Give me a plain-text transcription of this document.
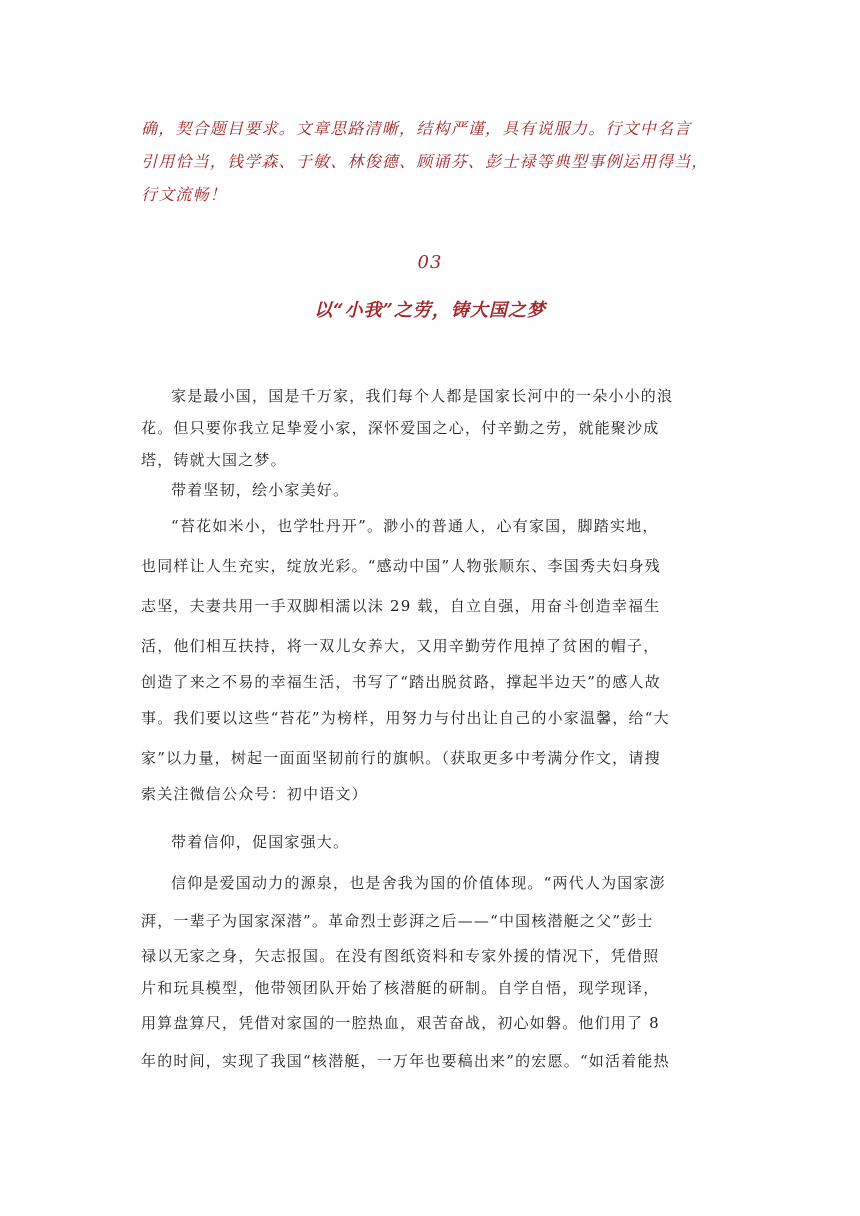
确，契合题目要求。文章思路清晰，结构严谨，具有说服力。行文中名言
引用恰当，钱学森、于敏、林俊德、顾诵芬、彭士禄等典型事例运用得当，
行文流畅！
03
以“小我”之劳，铸大国之梦
家是最小国，国是千万家，我们每个人都是国家长河中的一朵小小的浪
花。但只要你我立足挚爱小家，深怀爱国之心，付辛勤之劳，就能聚沙成
塔，铸就大国之梦。
带着坚韧，绘小家美好。
“苔花如米小，也学牡丹开”。渺小的普通人，心有家国，脚踏实地，
也同样让人生充实，绽放光彩。“感动中国”人物张顺东、李国秀夫妇身残
志坚，夫妻共用一手双脚相濡以沫 29 载，自立自强，用奋斗创造幸福生
活，他们相互扶持，将一双儿女养大，又用辛勤劳作甩掉了贫困的帽子，
创造了来之不易的幸福生活，书写了“踏出脱贫路，撑起半边天”的感人故
事。我们要以这些“苔花”为榜样，用努力与付出让自己的小家温馨，给“大
家”以力量，树起一面面坚韧前行的旗帜。（获取更多中考满分作文，请搜
索关注微信公众号：初中语文）
带着信仰，促国家强大。
信仰是爱国动力的源泉，也是舍我为国的价值体现。“两代人为国家澎
湃，一辈子为国家深潜”。革命烈士彭湃之后——“中国核潜艇之父”彭士
禄以无家之身，矢志报国。在没有图纸资料和专家外援的情况下，凭借照
片和玩具模型，他带领团队开始了核潜艇的研制。自学自悟，现学现译，
用算盘算尺，凭借对家国的一腔热血，艰苦奋战，初心如磐。他们用了 8
年的时间，实现了我国“核潜艇，一万年也要稿出来”的宏愿。“如活着能热
